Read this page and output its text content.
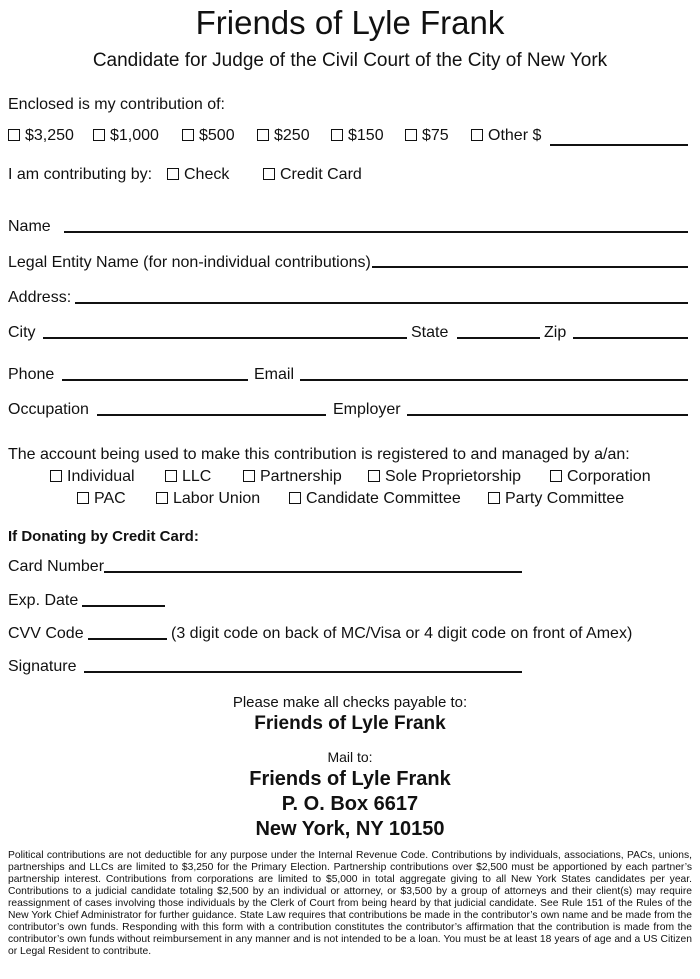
Friends of Lyle Frank
Candidate for Judge of the Civil Court of the City of New York
Enclosed is my contribution of:
$3,250	$1,000	$500	$250	$150	$75	Other $
I am contributing by:	Check	Credit Card
Name
Legal Entity Name (for non-individual contributions)
Address:
City	State	Zip
Phone	Email
Occupation	Employer
The account being used to make this contribution is registered to and managed by a/an:
Individual	LLC	Partnership	Sole Proprietorship	Corporation
PAC	Labor Union	Candidate Committee	Party Committee
If Donating by Credit Card:
Card Number
Exp. Date
CVV Code	(3 digit code on back of MC/Visa or 4 digit code on front of Amex)
Signature
Please make all checks payable to:
Friends of Lyle Frank
Mail to:
Friends of Lyle Frank
P. O. Box 6617
New York, NY 10150
Political contributions are not deductible for any purpose under the Internal Revenue Code. Contributions by individuals, associations, PACs, unions, partnerships and LLCs are limited to $3,250 for the Primary Election. Partnership contributions over $2,500 must be apportioned by each partner’s partnership interest. Contributions from corporations are limited to $5,000 in total aggregate giving to all New York States candidates per year. Contributions to a judicial candidate totaling $2,500 by an individual or attorney, or $3,500 by a group of attorneys and their client(s) may require reassignment of cases involving those individuals by the Clerk of Court from being heard by that judicial candidate. See Rule 151 of the Rules of the New York Chief Administrator for further guidance. State Law requires that contributions be made in the contributor’s own name and be made from the contributor’s own funds. Responding with this form with a contribution constitutes the contributor’s affirmation that the contribution is made from the contributor’s own funds without reimbursement in any manner and is not intended to be a loan. You must be at least 18 years of age and a US Citizen or Legal Resident to contribute.
